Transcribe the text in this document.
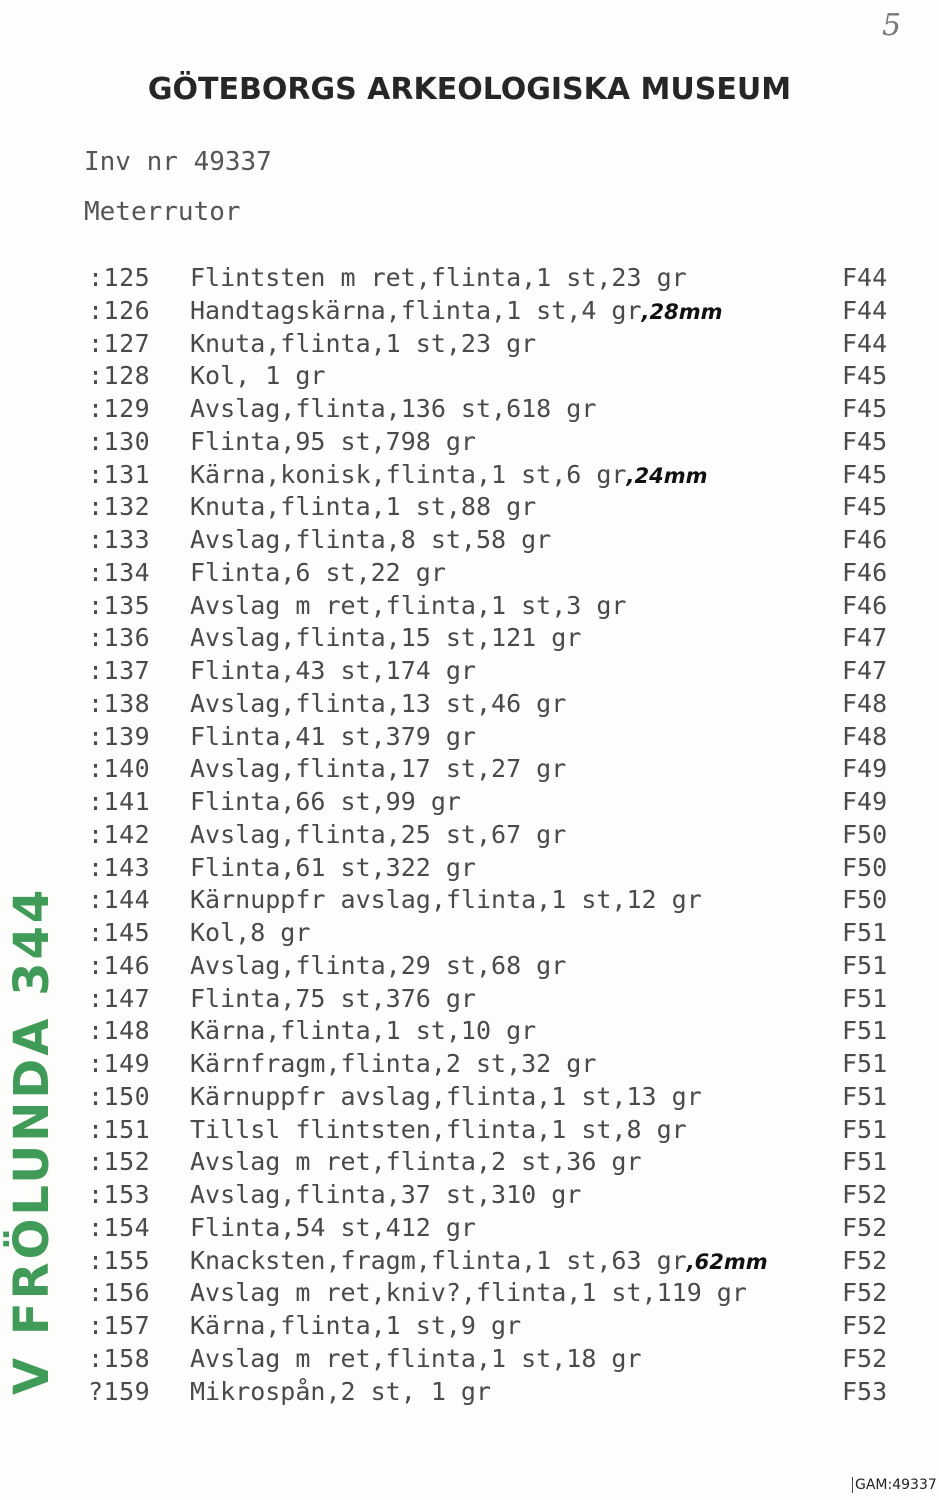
5
GÖTEBORGS ARKEOLOGISKA MUSEUM
Inv nr 49337
Meterrutor
:125 Flintsten m ret,flinta,1 st,23 gr	F44
:126 Handtagskärna,flinta,1 st,4 gr,28mm	F44
:127 Knuta,flinta,1 st,23 gr	F44
:128 Kol, 1 gr	F45
:129 Avslag,flinta,136 st,618 gr	F45
:130 Flinta,95 st,798 gr	F45
:131 Kärna,konisk,flinta,1 st,6 gr,24mm	F45
:132 Knuta,flinta,1 st,88 gr	F45
:133 Avslag,flinta,8 st,58 gr	F46
:134 Flinta,6 st,22 gr	F46
:135 Avslag m ret,flinta,1 st,3 gr	F46
:136 Avslag,flinta,15 st,121 gr	F47
:137 Flinta,43 st,174 gr	F47
:138 Avslag,flinta,13 st,46 gr	F48
:139 Flinta,41 st,379 gr	F48
:140 Avslag,flinta,17 st,27 gr	F49
:141 Flinta,66 st,99 gr	F49
:142 Avslag,flinta,25 st,67 gr	F50
:143 Flinta,61 st,322 gr	F50
:144 Kärnuppfr avslag,flinta,1 st,12 gr	F50
:145 Kol,8 gr	F51
:146 Avslag,flinta,29 st,68 gr	F51
:147 Flinta,75 st,376 gr	F51
:148 Kärna,flinta,1 st,10 gr	F51
:149 Kärnfragm,flinta,2 st,32 gr	F51
:150 Kärnuppfr avslag,flinta,1 st,13 gr	F51
:151 Tillsl flintsten,flinta,1 st,8 gr	F51
:152 Avslag m ret,flinta,2 st,36 gr	F51
:153 Avslag,flinta,37 st,310 gr	F52
:154 Flinta,54 st,412 gr	F52
:155 Knacksten,fragm,flinta,1 st,63 gr,62mm	F52
:156 Avslag m ret,kniv?,flinta,1 st,119 gr	F52
:157 Kärna,flinta,1 st,9 gr	F52
:158 Avslag m ret,flinta,1 st,18 gr	F52
?159 Mikrospån,2 st, 1 gr	F53
V FRÖLUNDA 344
GAM:49337
